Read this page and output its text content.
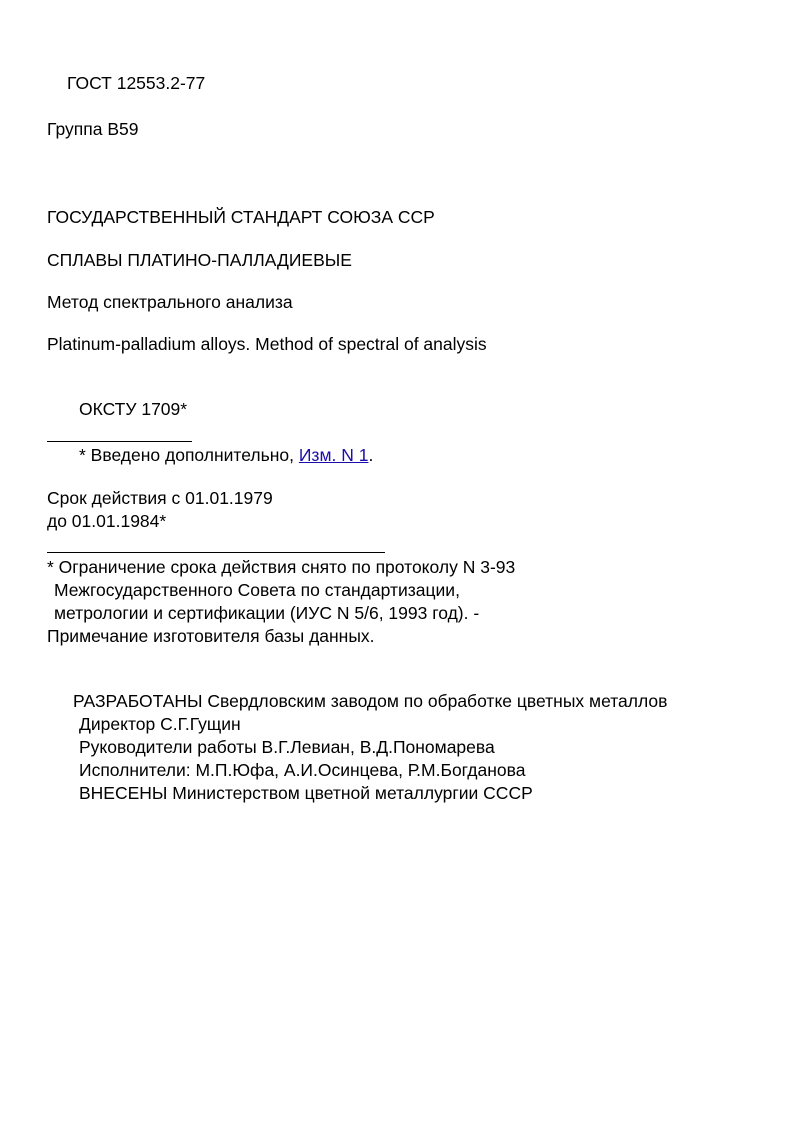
ГОСТ 12553.2-77
Группа В59
ГОСУДАРСТВЕННЫЙ СТАНДАРТ СОЮЗА ССР
СПЛАВЫ ПЛАТИНО-ПАЛЛАДИЕВЫЕ
Метод спектрального анализа
Platinum-palladium alloys. Method of spectral of analysis
ОКСТУ 1709*
* Введено дополнительно, Изм. N 1.
Срок действия с 01.01.1979
до 01.01.1984*
* Ограничение срока действия снято по протоколу N 3-93
Межгосударственного Совета по стандартизации,
метрологии и сертификации (ИУС N 5/6, 1993 год). -
Примечание изготовителя базы данных.
РАЗРАБОТАНЫ Свердловским заводом по обработке цветных металлов
Директор С.Г.Гущин
Руководители работы В.Г.Левиан, В.Д.Пономарева
Исполнители: М.П.Юфа, А.И.Осинцева, Р.М.Богданова
ВНЕСЕНЫ Министерством цветной металлургии СССР
